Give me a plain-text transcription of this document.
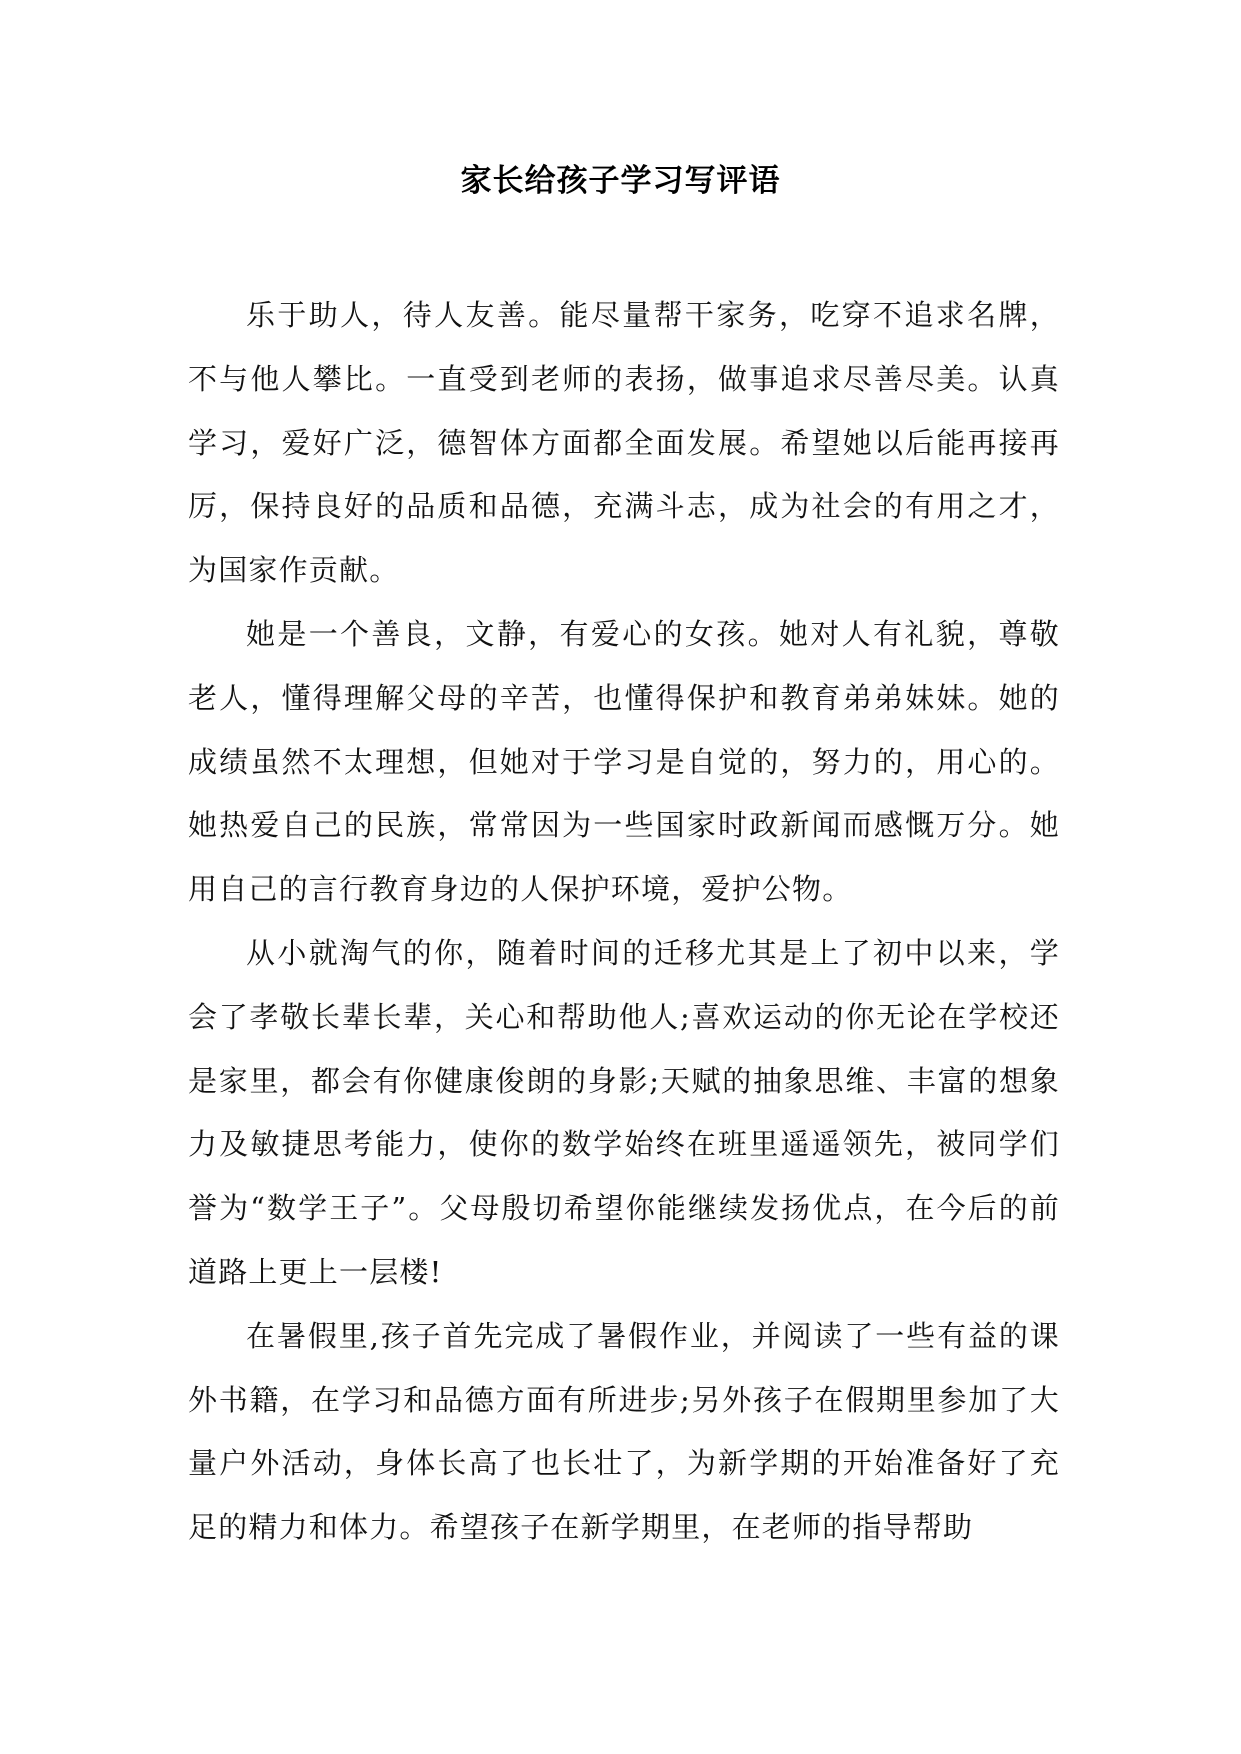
家长给孩子学习写评语

乐于助人，待人友善。能尽量帮干家务，吃穿不追求名牌，不与他人攀比。一直受到老师的表扬，做事追求尽善尽美。认真学习，爱好广泛，德智体方面都全面发展。希望她以后能再接再厉，保持良好的品质和品德，充满斗志，成为社会的有用之才，为国家作贡献。

她是一个善良，文静，有爱心的女孩。她对人有礼貌，尊敬老人，懂得理解父母的辛苦，也懂得保护和教育弟弟妹妹。她的成绩虽然不太理想，但她对于学习是自觉的，努力的，用心的。她热爱自己的民族，常常因为一些国家时政新闻而感慨万分。她用自己的言行教育身边的人保护环境，爱护公物。

从小就淘气的你，随着时间的迁移尤其是上了初中以来，学会了孝敬长辈长辈，关心和帮助他人;喜欢运动的你无论在学校还是家里，都会有你健康俊朗的身影;天赋的抽象思维、丰富的想象力及敏捷思考能力，使你的数学始终在班里遥遥领先，被同学们誉为“数学王子”。父母殷切希望你能继续发扬优点，在今后的前道路上更上一层楼!

在暑假里,孩子首先完成了暑假作业，并阅读了一些有益的课外书籍，在学习和品德方面有所进步;另外孩子在假期里参加了大量户外活动，身体长高了也长壮了，为新学期的开始准备好了充足的精力和体力。希望孩子在新学期里，在老师的指导帮助
